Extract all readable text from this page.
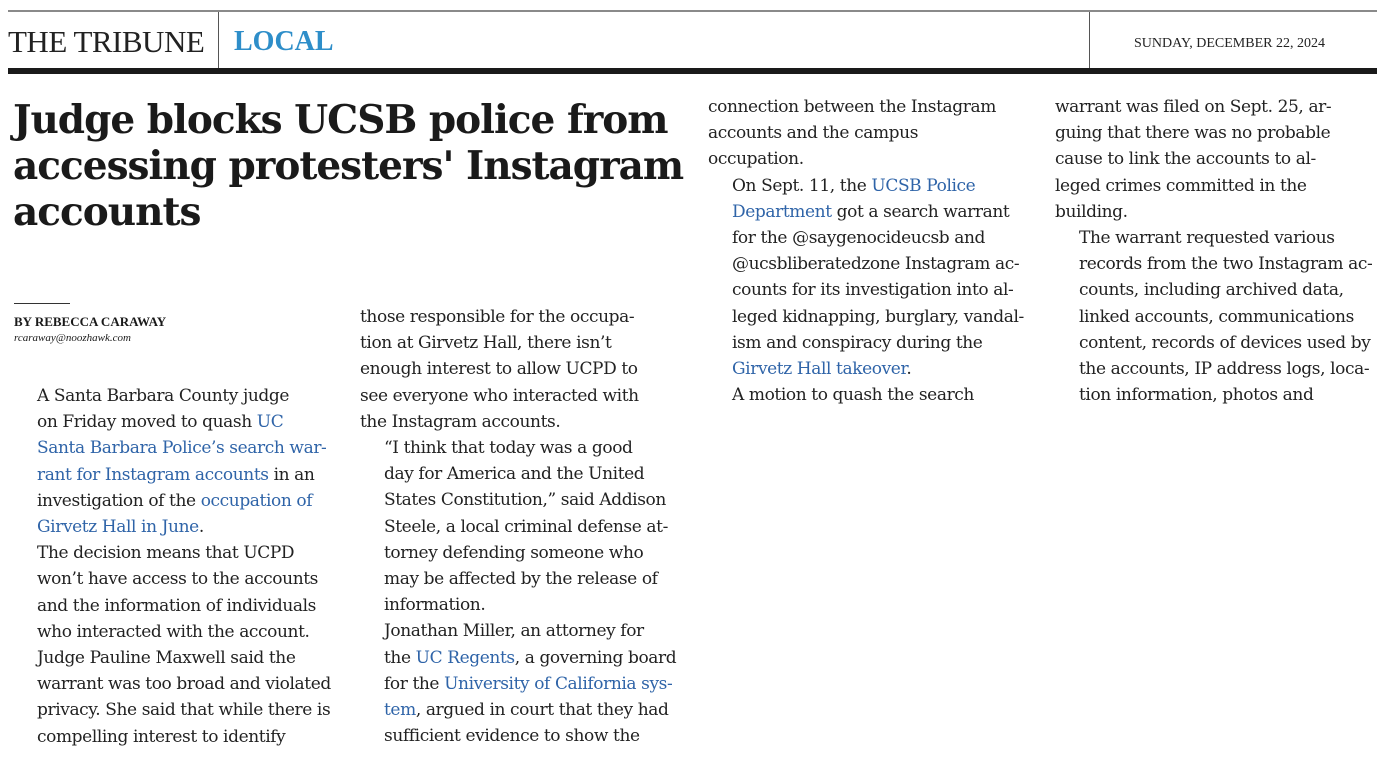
THE TRIBUNE LOCAL	SUNDAY, DECEMBER 22, 2024
Judge blocks UCSB police from
accessing protesters' Instagram
accounts
BY REBECCA CARAWAY
rcaraway@noozhawk.com

A Santa Barbara County judge
on Friday moved to quash UC
Santa Barbara Police’s search war-
rant for Instagram accounts in an
investigation of the occupation of
Girvetz Hall in June.

The decision means that UCPD
won’t have access to the accounts
and the information of individuals
who interacted with the account.

Judge Pauline Maxwell said the
warrant was too broad and violated
privacy. She said that while there is
compelling interest to identify

those responsible for the occupa-
tion at Girvetz Hall, there isn’t
enough interest to allow UCPD to
see everyone who interacted with
the Instagram accounts.

“I think that today was a good
day for America and the United
States Constitution,” said Addison
Steele, a local criminal defense at-
torney defending someone who
may be affected by the release of
information.

Jonathan Miller, an attorney for
the UC Regents, a governing board
for the University of California sys-
tem, argued in court that they had
sufficient evidence to show the

connection between the Instagram
accounts and the campus
occupation.

On Sept. 11, the UCSB Police
Department got a search warrant
for the @saygenocideucsb and
@ucsbliberatedzone Instagram ac-
counts for its investigation into al-
leged kidnapping, burglary, vandal-
ism and conspiracy during the
Girvetz Hall takeover.

A motion to quash the search

warrant was filed on Sept. 25, ar-
guing that there was no probable
cause to link the accounts to al-
leged crimes committed in the
building.

The warrant requested various
records from the two Instagram ac-
counts, including archived data,
linked accounts, communications
content, records of devices used by
the accounts, IP address logs, loca-
tion information, photos and
